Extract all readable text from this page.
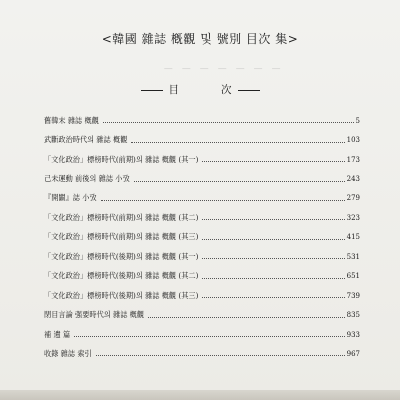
─ ─ ─ ─ ─ ─ ─
<韓國 雜誌 槪觀 및 號別 目次 集>
目	次
舊韓末 雜誌 槪觀	5
武斷政治時代의 雜誌 槪觀	103
「文化政治」標榜時代(前期)의 雜誌 槪觀 (其一)	173
己未運動 前後의 雜誌 小攷	243
『開闢』誌 小攷	279
「文化政治」標榜時代(前期)의 雜誌 槪觀 (其二)	323
「文化政治」標榜時代(前期)의 雜誌 槪觀 (其三)	415
「文化政治」標榜時代(後期)의 雜誌 槪觀 (其一)	531
「文化政治」標榜時代(後期)의 雜誌 槪觀 (其二)	651
「文化政治」標榜時代(後期)의 雜誌 槪觀 (其三)	739
閉目言論 强要時代의 雜誌 槪觀	835
補 遺 篇	933
收錄 雜誌 索引	967
